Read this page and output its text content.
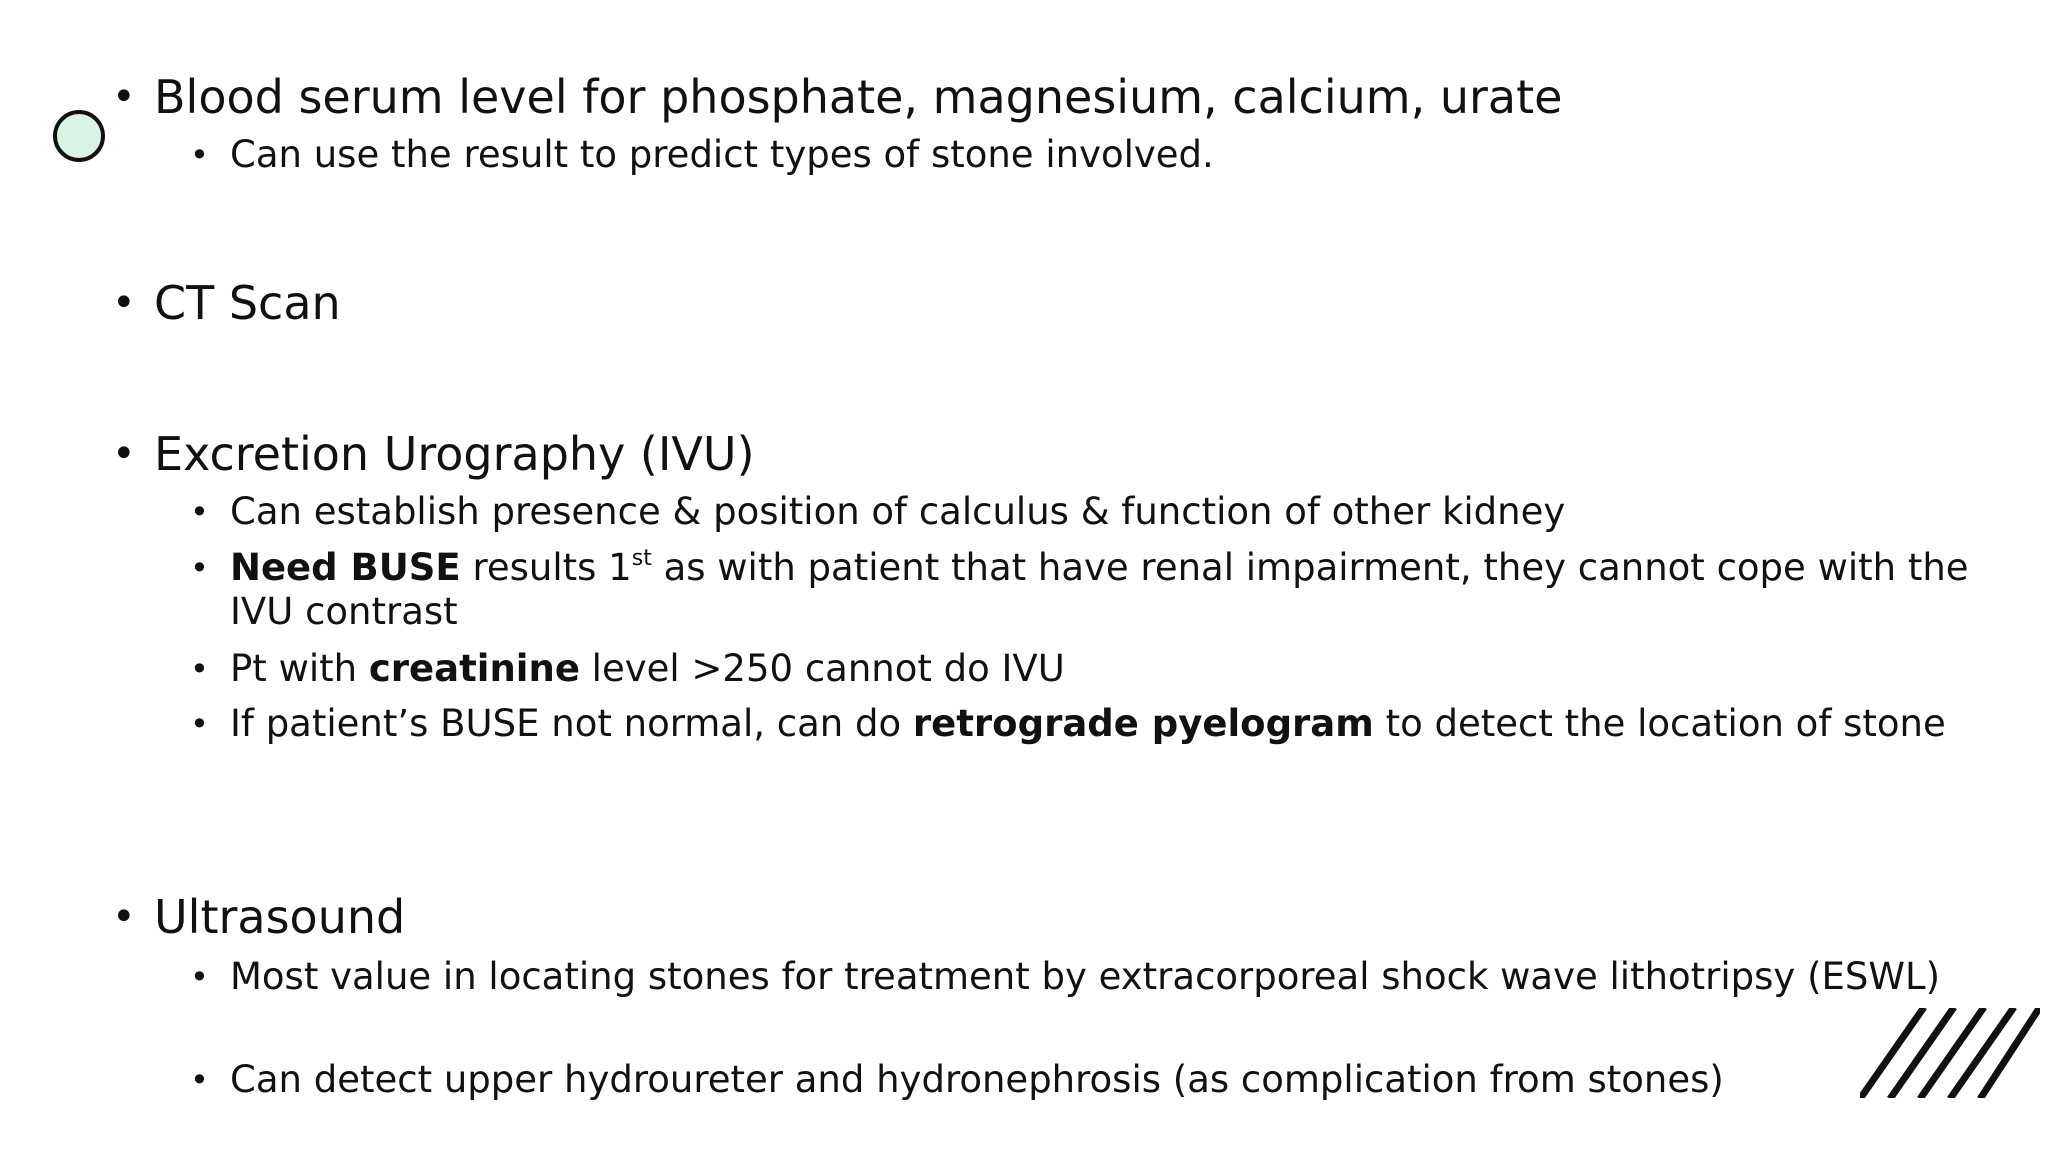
• Blood serum level for phosphate, magnesium, calcium, urate
• Can use the result to predict types of stone involved.
• CT Scan
• Excretion Urography (IVU)
• Can establish presence & position of calculus & function of other kidney
• Need BUSE results 1st as with patient that have renal impairment, they cannot cope with the IVU contrast
• Pt with creatinine level >250 cannot do IVU
• If patient’s BUSE not normal, can do retrograde pyelogram to detect the location of stone
• Ultrasound
• Most value in locating stones for treatment by extracorporeal shock wave lithotripsy (ESWL)
• Can detect upper hydroureter and hydronephrosis (as complication from stones)
